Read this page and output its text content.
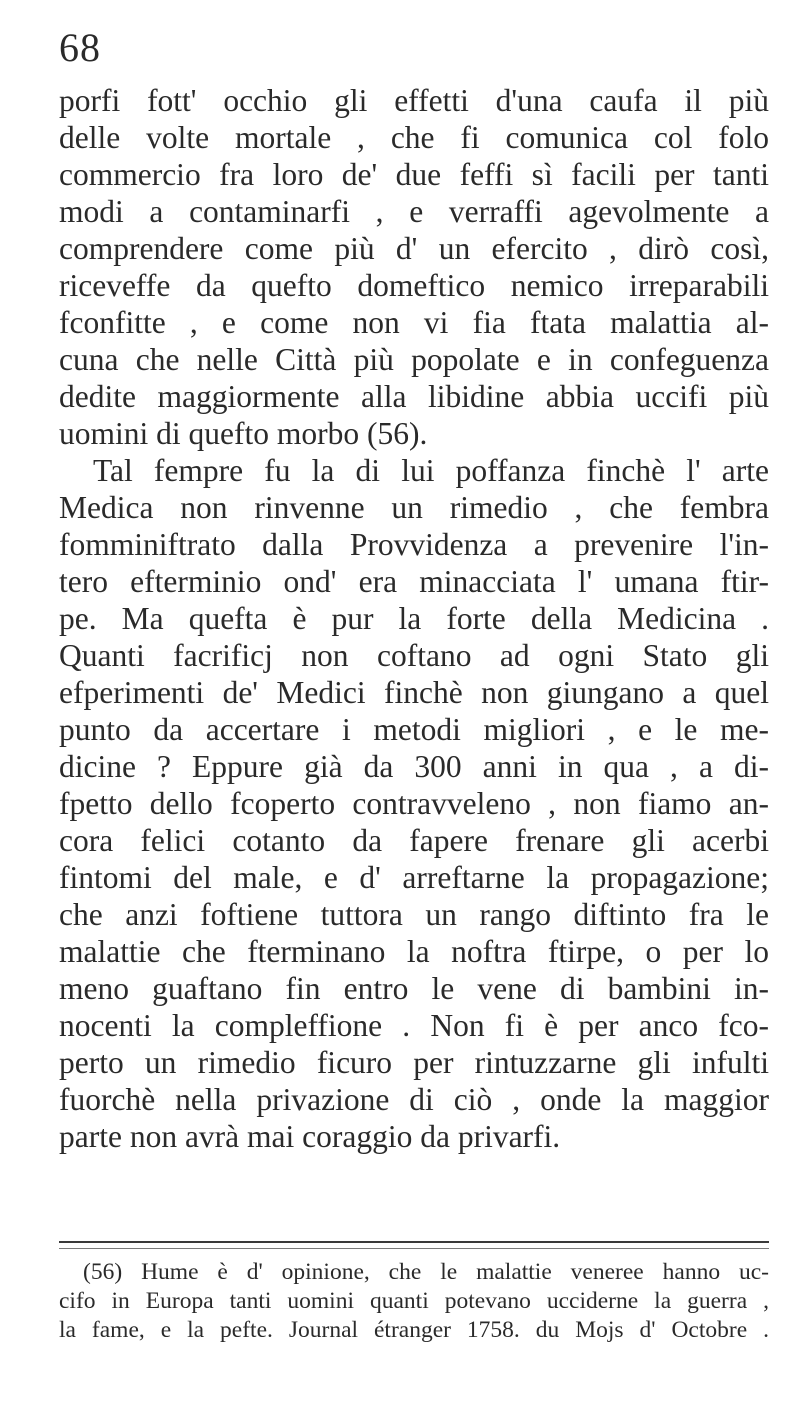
68
porfi fott' occhio gli effetti d'una caufa il più
delle volte mortale , che fi comunica col folo
commercio fra loro de' due feffi sì facili per tanti
modi a contaminarfi , e verraffi agevolmente a
comprendere come più d' un efercito , dirò così,
riceveffe da quefto domeftico nemico irreparabili
fconfitte , e come non vi fia ftata malattia al-
cuna che nelle Città più popolate e in confeguenza
dedite maggiormente alla libidine abbia uccifi più
uomini di quefto morbo (56).
Tal fempre fu la di lui poffanza finchè l' arte
Medica non rinvenne un rimedio , che fembra
fomminiftrato dalla Provvidenza a prevenire l'in-
tero efterminio ond' era minacciata l' umana ftir-
pe. Ma quefta è pur la forte della Medicina .
Quanti facrificj non coftano ad ogni Stato gli
efperimenti de' Medici finchè non giungano a quel
punto da accertare i metodi migliori , e le me-
dicine ? Eppure già da 300 anni in qua , a di-
fpetto dello fcoperto contravveleno , non fiamo an-
cora felici cotanto da fapere frenare gli acerbi
fintomi del male, e d' arreftarne la propagazione;
che anzi foftiene tuttora un rango diftinto fra le
malattie che fterminano la noftra ftirpe, o per lo
meno guaftano fin entro le vene di bambini in-
nocenti la compleffione . Non fi è per anco fco-
perto un rimedio ficuro per rintuzzarne gli infulti
fuorchè nella privazione di ciò , onde la maggior
parte non avrà mai coraggio da privarfi.
(56) Hume è d' opinione, che le malattie veneree hanno uc-
cifo in Europa tanti uomini quanti potevano ucciderne la guerra ,
la fame, e la pefte. Journal étranger 1758. du Mojs d' Octobre .
